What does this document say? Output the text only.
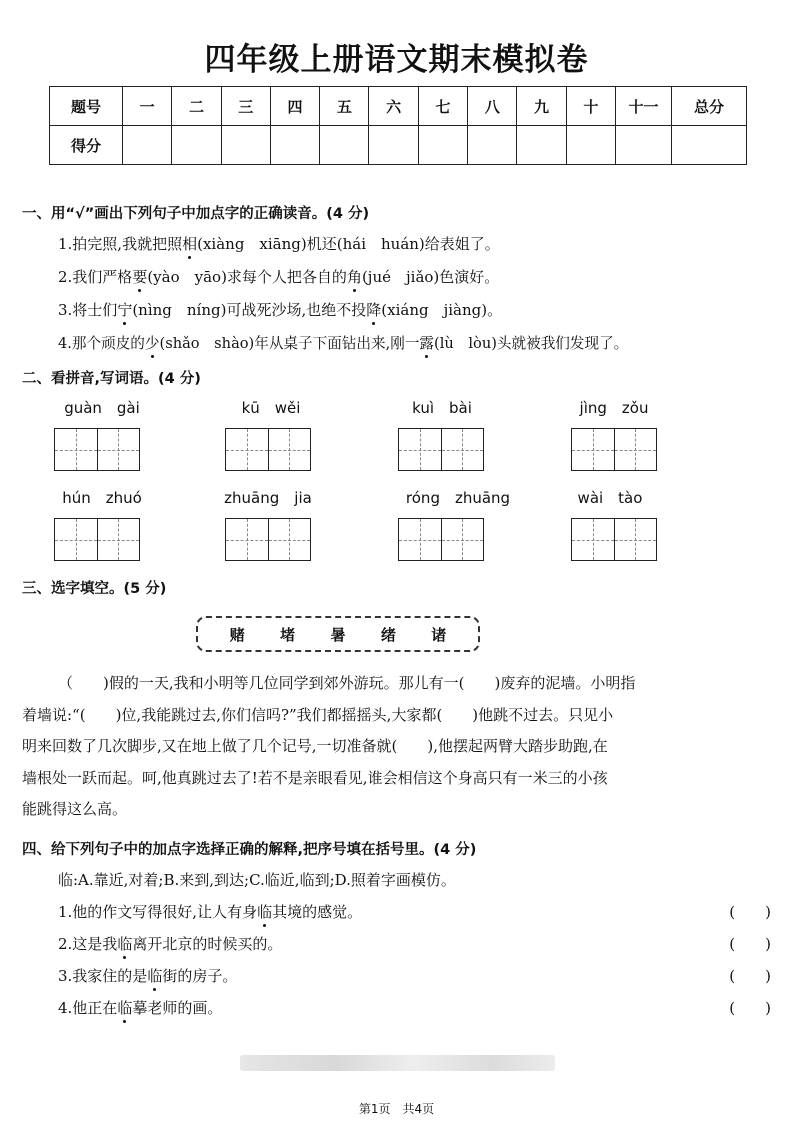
四年级上册语文期末模拟卷
题号	一	二	三	四	五	六	七	八	九	十	十一	总分
得分												
一、用“√”画出下列句子中加点字的正确读音。(4 分)
1.拍完照,我就把照相(xiàng　xiāng)机还(hái　huán)给表姐了。
2.我们严格要(yào　yāo)求每个人把各自的角(jué　jiǎo)色演好。
3.将士们宁(nìng　níng)可战死沙场,也绝不投降(xiáng　jiàng)。
4.那个顽皮的少(shǎo　shào)年从桌子下面钻出来,刚一露(lù　lòu)头就被我们发现了。
二、看拼音,写词语。(4 分)
guàn　gài	kū　wěi	kuì　bài	jìng　zǒu
hún　zhuó	zhuāng　jia	róng　zhuāng	wài　tào
三、选字填空。(5 分)
赌 堵 暑 绪 诸
（　　)假的一天,我和小明等几位同学到郊外游玩。那儿有一(　　)废弃的泥墙。小明指
着墙说:“(　　)位,我能跳过去,你们信吗?”我们都摇摇头,大家都(　　)他跳不过去。只见小
明来回数了几次脚步,又在地上做了几个记号,一切准备就(　　),他摆起两臂大踏步助跑,在
墙根处一跃而起。呵,他真跳过去了!若不是亲眼看见,谁会相信这个身高只有一米三的小孩
能跳得这么高。
四、给下列句子中的加点字选择正确的解释,把序号填在括号里。(4 分)
临:A.靠近,对着;B.来到,到达;C.临近,临到;D.照着字画模仿。
1.他的作文写得很好,让人有身临其境的感觉。	(　　)
2.这是我临离开北京的时候买的。	(　　)
3.我家住的是临街的房子。	(　　)
4.他正在临摹老师的画。	(　　)
第1页　共4页
